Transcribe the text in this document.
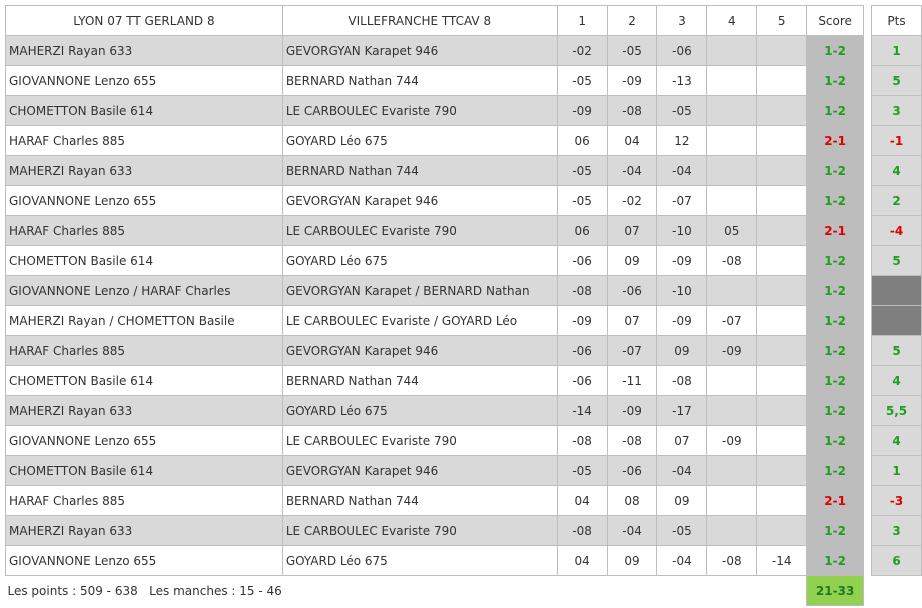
LYON 07 TT GERLAND 8	VILLEFRANCHE TTCAV 8	1	2	3	4	5	Score		Pts
MAHERZI Rayan 633	GEVORGYAN Karapet 946	-02	-05	-06			1-2		1
GIOVANNONE Lenzo 655	BERNARD Nathan 744	-05	-09	-13			1-2		5
CHOMETTON Basile 614	LE CARBOULEC Evariste 790	-09	-08	-05			1-2		3
HARAF Charles 885	GOYARD Léo 675	06	04	12			2-1		-1
MAHERZI Rayan 633	BERNARD Nathan 744	-05	-04	-04			1-2		4
GIOVANNONE Lenzo 655	GEVORGYAN Karapet 946	-05	-02	-07			1-2		2
HARAF Charles 885	LE CARBOULEC Evariste 790	06	07	-10	05		2-1		-4
CHOMETTON Basile 614	GOYARD Léo 675	-06	09	-09	-08		1-2		5
GIOVANNONE Lenzo / HARAF Charles	GEVORGYAN Karapet / BERNARD Nathan	-08	-06	-10			1-2		
MAHERZI Rayan / CHOMETTON Basile	LE CARBOULEC Evariste / GOYARD Léo	-09	07	-09	-07		1-2		
HARAF Charles 885	GEVORGYAN Karapet 946	-06	-07	09	-09		1-2		5
CHOMETTON Basile 614	BERNARD Nathan 744	-06	-11	-08			1-2		4
MAHERZI Rayan 633	GOYARD Léo 675	-14	-09	-17			1-2		5,5
GIOVANNONE Lenzo 655	LE CARBOULEC Evariste 790	-08	-08	07	-09		1-2		4
CHOMETTON Basile 614	GEVORGYAN Karapet 946	-05	-06	-04			1-2		1
HARAF Charles 885	BERNARD Nathan 744	04	08	09			2-1		-3
MAHERZI Rayan 633	LE CARBOULEC Evariste 790	-08	-04	-05			1-2		3
GIOVANNONE Lenzo 655	GOYARD Léo 675	04	09	-04	-08	-14	1-2		6
Les points : 509 - 638   Les manches : 15 - 46							21-33		
